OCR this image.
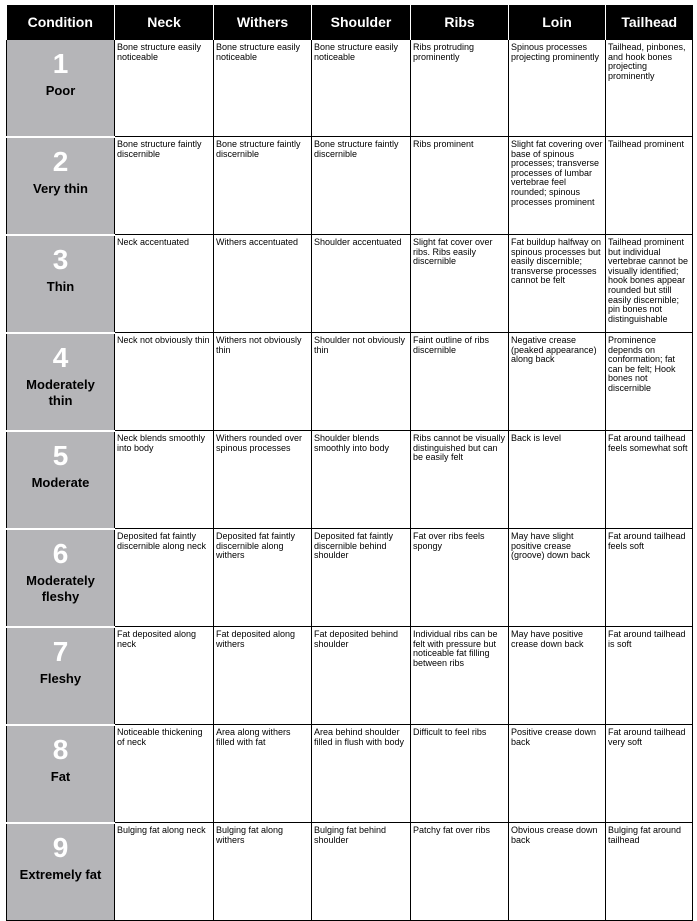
Condition	Neck	Withers	Shoulder	Ribs	Loin	Tailhead

1
Poor	Bone structure easily noticeable	Bone structure easily noticeable	Bone structure easily noticeable	Ribs protruding prominently	Spinous processes projecting prominently	Tailhead, pinbones, and hook bones projecting prominently

2
Very thin	Bone structure faintly discernible	Bone structure faintly discernible	Bone structure faintly discernible	Ribs prominent	Slight fat covering over base of spinous processes; transverse processes of lumbar vertebrae feel rounded; spinous processes prominent	Tailhead prominent

3
Thin	Neck accentuated	Withers accentuated	Shoulder accentuated	Slight fat cover over ribs. Ribs easily discernible	Fat buildup halfway on spinous processes but easily discernible; transverse processes cannot be felt	Tailhead prominent but individual vertebrae cannot be visually identified; hook bones appear rounded but still easily discernible; pin bones not distinguishable

4
Moderately
thin	Neck not obviously thin	Withers not obviously thin	Shoulder not obviously thin	Faint outline of ribs discernible	Negative crease (peaked appearance) along back	Prominence depends on conformation; fat can be felt; Hook bones not discernible

5
Moderate	Neck blends smoothly into body	Withers rounded over spinous processes	Shoulder blends smoothly into body	Ribs cannot be visually distinguished but can be easily felt	Back is level	Fat around tailhead feels somewhat soft

6
Moderately
fleshy	Deposited fat faintly discernible along neck	Deposited fat faintly discernible along withers	Deposited fat faintly discernible behind shoulder	Fat over ribs feels spongy	May have slight positive crease (groove) down back	Fat around tailhead feels soft

7
Fleshy	Fat deposited along neck	Fat deposited along withers	Fat deposited behind shoulder	Individual ribs can be felt with pressure but noticeable fat filling between ribs	May have positive crease down back	Fat around tailhead is soft

8
Fat	Noticeable thickening of neck	Area along withers filled with fat	Area behind shoulder filled in flush with body	Difficult to feel ribs	Positive crease down back	Fat around tailhead very soft

9
Extremely fat	Bulging fat along neck	Bulging fat along withers	Bulging fat behind shoulder	Patchy fat over ribs	Obvious crease down back	Bulging fat around tailhead
